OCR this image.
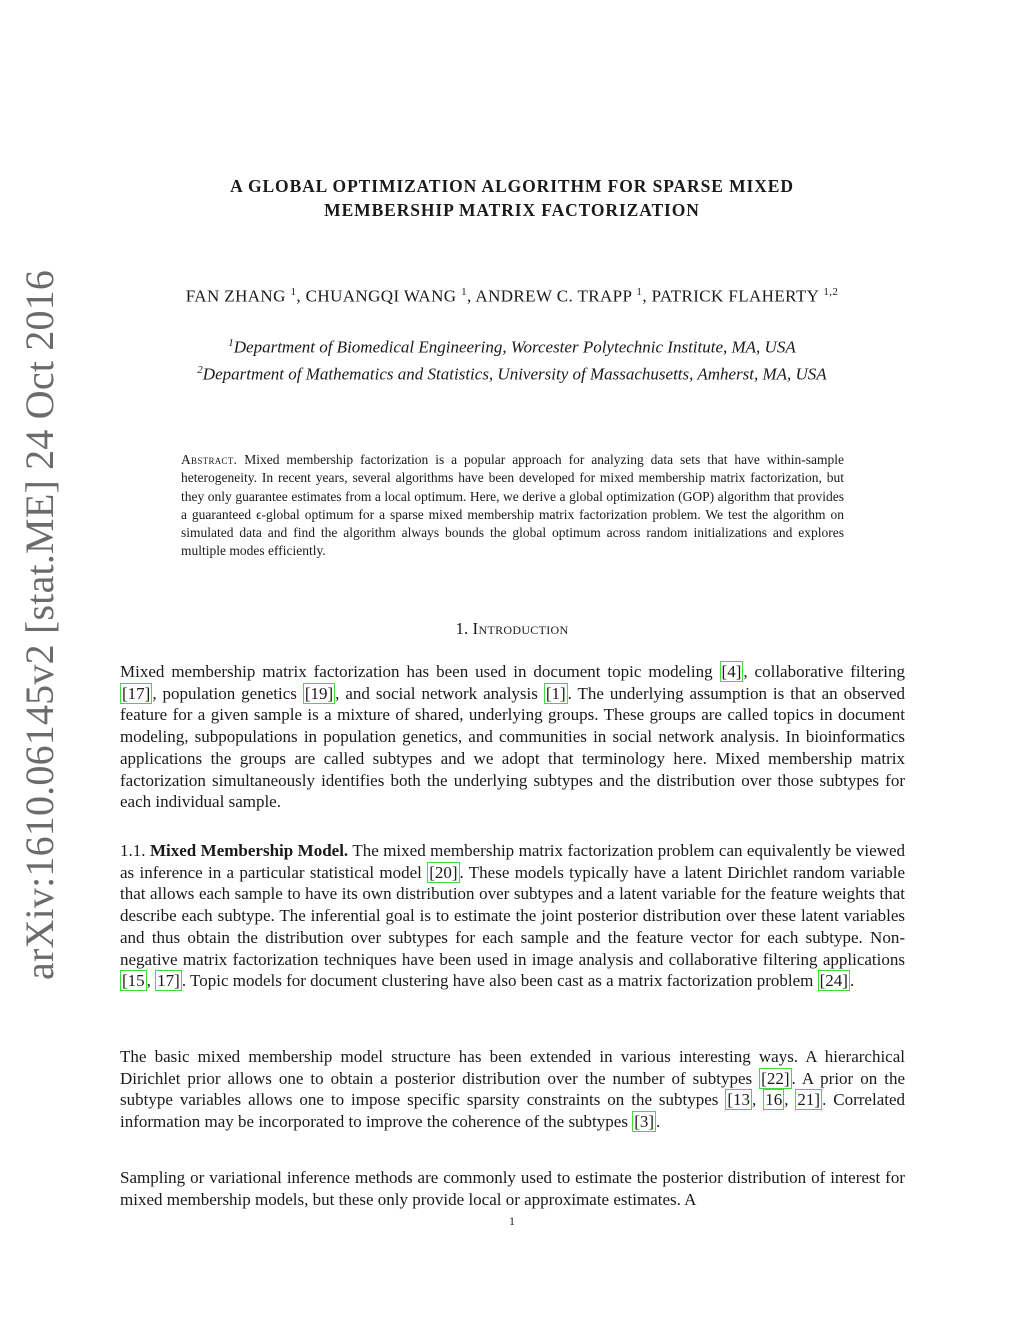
arXiv:1610.06145v2 [stat.ME] 24 Oct 2016
A GLOBAL OPTIMIZATION ALGORITHM FOR SPARSE MIXED
MEMBERSHIP MATRIX FACTORIZATION
FAN ZHANG $^1$, CHUANGQI WANG $^1$, ANDREW C. TRAPP $^1$, PATRICK FLAHERTY $^{1,2}$
$^1$Department of Biomedical Engineering, Worcester Polytechnic Institute, MA, USA
$^2$Department of Mathematics and Statistics, University of Massachusetts, Amherst, MA, USA
Abstract. Mixed membership factorization is a popular approach for analyzing data sets that have within-sample heterogeneity. In recent years, several algorithms have been developed for mixed membership matrix factorization, but they only guarantee estimates from a local optimum. Here, we derive a global optimization (GOP) algorithm that provides a guaranteed ϵ-global optimum for a sparse mixed membership matrix factorization problem. We test the algorithm on simulated data and find the algorithm always bounds the global optimum across random initializations and explores multiple modes efficiently.
1. Introduction

Mixed membership matrix factorization has been used in document topic modeling [4] , collaborative filtering [17] , population genetics [19] , and social network analysis [1] . The underlying assumption is that an observed feature for a given sample is a mixture of shared, underlying groups. These groups are called topics in document modeling, subpopulations in population genetics, and communities in social network analysis. In bioinformatics applications the groups are called subtypes and we adopt that terminology here. Mixed membership matrix factorization simultaneously identifies both the underlying subtypes and the distribution over those subtypes for each individual sample.

1.1. Mixed Membership Model. The mixed membership matrix factorization problem can equivalently be viewed as inference in a particular statistical model [20] . These models typically have a latent Dirichlet random variable that allows each sample to have its own distribution over subtypes and a latent variable for the feature weights that describe each subtype. The inferential goal is to estimate the joint posterior distribution over these latent variables and thus obtain the distribution over subtypes for each sample and the feature vector for each subtype. Non-negative matrix factorization techniques have been used in image analysis and collaborative filtering applications [15 , 17] . Topic models for document clustering have also been cast as a matrix factorization problem [24] .

The basic mixed membership model structure has been extended in various interesting ways. A hierarchical Dirichlet prior allows one to obtain a posterior distribution over the number of subtypes [22] . A prior on the subtype variables allows one to impose specific sparsity constraints on the subtypes [13 , 16 , 21] . Correlated information may be incorporated to improve the coherence of the subtypes [3] .

Sampling or variational inference methods are commonly used to estimate the posterior distribution of interest for mixed membership models, but these only provide local or approximate estimates. A

1
